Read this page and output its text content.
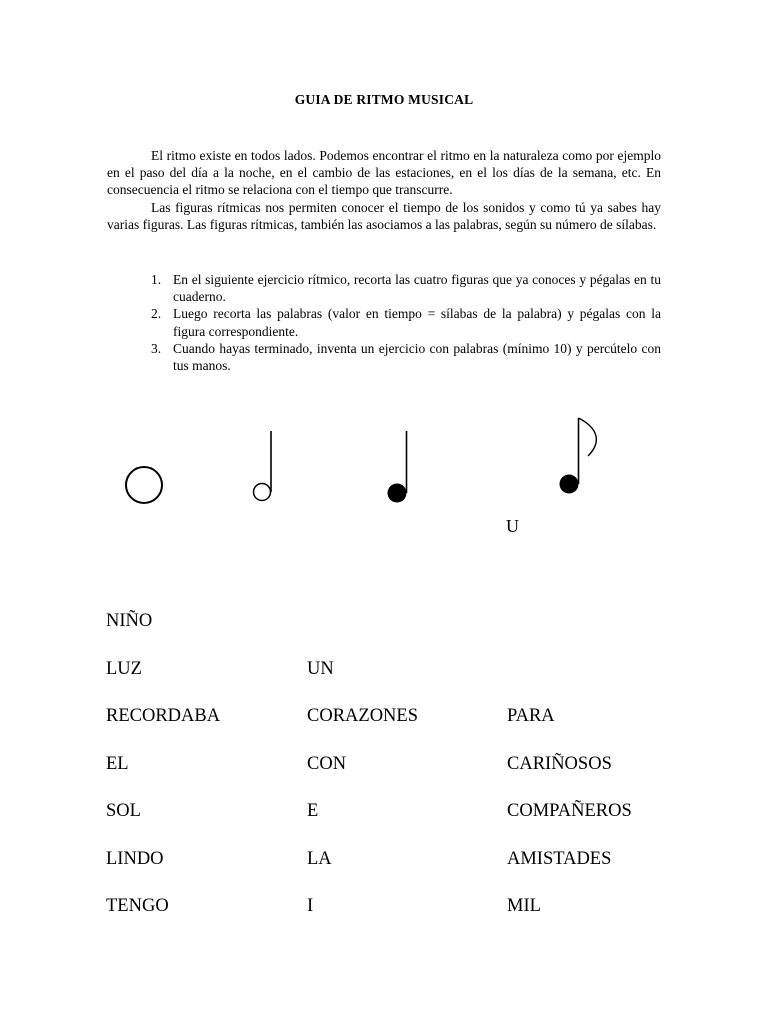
GUIA DE RITMO MUSICAL

El ritmo existe en todos lados. Podemos encontrar el ritmo en la naturaleza como por ejemplo en el paso del día a la noche, en el cambio de las estaciones, en el los días de la semana, etc. En consecuencia el ritmo se relaciona con el tiempo que transcurre.

Las figuras rítmicas nos permiten conocer el tiempo de los sonidos y como tú ya sabes hay varias figuras. Las figuras rítmicas, también las asociamos a las palabras, según su número de sílabas.

1. En el siguiente ejercicio rítmico, recorta las cuatro figuras que ya conoces y pégalas en tu cuaderno.
2. Luego recorta las palabras (valor en tiempo = sílabas de la palabra) y pégalas con la figura correspondiente.
3. Cuando hayas terminado, inventa un ejercicio con palabras (mínimo 10) y percútelo con tus manos.
U
NIÑO
LUZ
RECORDABA
EL
SOL
LINDO
TENGO
UN
CORAZONES
CON
E
LA
I
PARA
CARIÑOSOS
COMPAÑEROS
AMISTADES
MIL
